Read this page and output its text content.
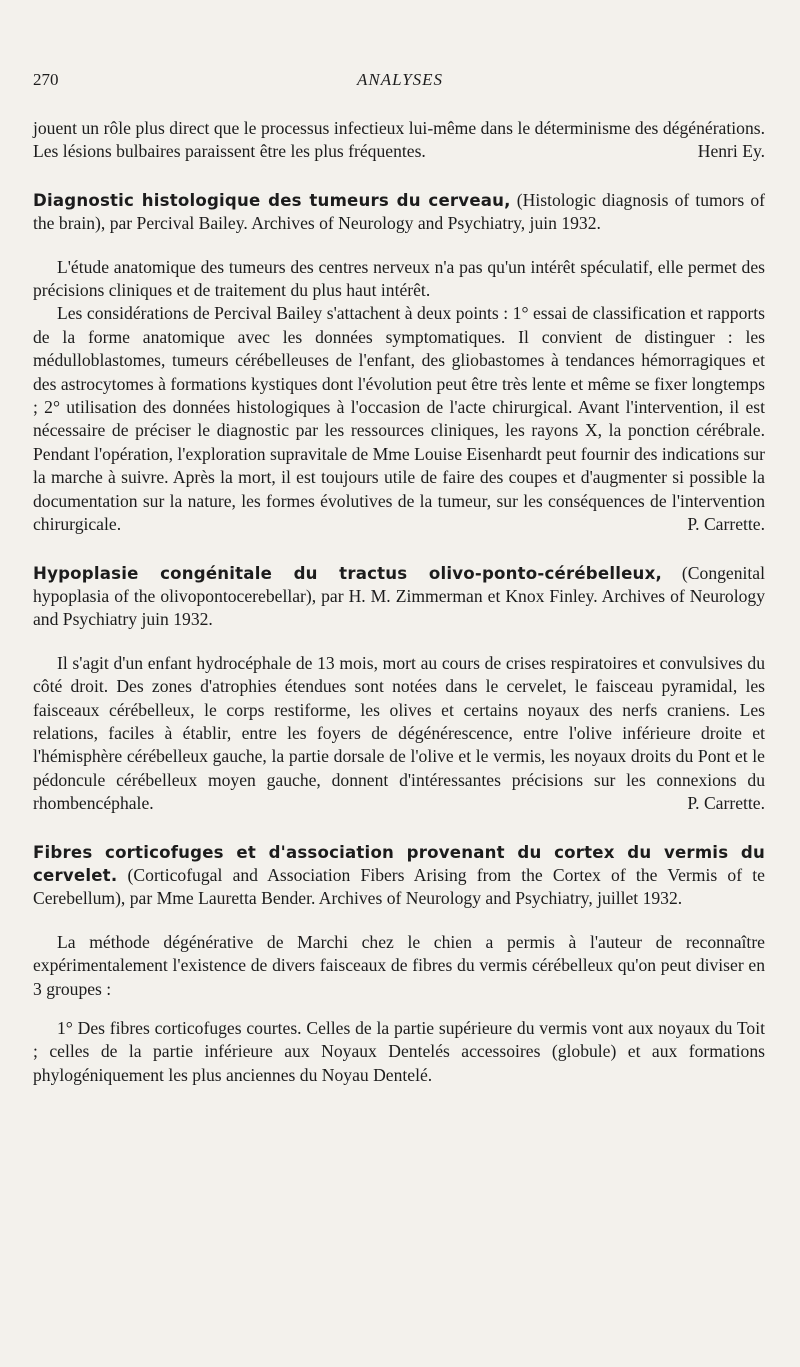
270	ANALYSES

jouent un rôle plus direct que le processus infectieux lui-même dans le déterminisme des dégénérations. Les lésions bulbaires paraissent être les plus fréquentes.	Henri Ey.

Diagnostic histologique des tumeurs du cerveau, (Histologic diagnosis of tumors of the brain), par Percival Bailey. Archives of Neurology and Psychiatry, juin 1932.

L'étude anatomique des tumeurs des centres nerveux n'a pas qu'un intérêt spéculatif, elle permet des précisions cliniques et de traitement du plus haut intérêt.

Les considérations de Percival Bailey s'attachent à deux points : 1° essai de classification et rapports de la forme anatomique avec les données symptomatiques. Il convient de distinguer : les médulloblastomes, tumeurs cérébelleuses de l'enfant, des gliobastomes à tendances hémorragiques et des astrocytomes à formations kystiques dont l'évolution peut être très lente et même se fixer longtemps ; 2° utilisation des données histologiques à l'occasion de l'acte chirurgical. Avant l'intervention, il est nécessaire de préciser le diagnostic par les ressources cliniques, les rayons X, la ponction cérébrale. Pendant l'opération, l'exploration supravitale de Mme Louise Eisenhardt peut fournir des indications sur la marche à suivre. Après la mort, il est toujours utile de faire des coupes et d'augmenter si possible la documentation sur la nature, les formes évolutives de la tumeur, sur les conséquences de l'intervention chirurgicale.	P. Carrette.

Hypoplasie congénitale du tractus olivo-ponto-cérébelleux, (Congenital hypoplasia of the olivopontocerebellar), par H. M. Zimmerman et Knox Finley. Archives of Neurology and Psychiatry juin 1932.

Il s'agit d'un enfant hydrocéphale de 13 mois, mort au cours de crises respiratoires et convulsives du côté droit. Des zones d'atrophies étendues sont notées dans le cervelet, le faisceau pyramidal, les faisceaux cérébelleux, le corps restiforme, les olives et certains noyaux des nerfs craniens. Les relations, faciles à établir, entre les foyers de dégénérescence, entre l'olive inférieure droite et l'hémisphère cérébelleux gauche, la partie dorsale de l'olive et le vermis, les noyaux droits du Pont et le pédoncule cérébelleux moyen gauche, donnent d'intéressantes précisions sur les connexions du rhombencéphale.	P. Carrette.

Fibres corticofuges et d'association provenant du cortex du vermis du cervelet. (Corticofugal and Association Fibers Arising from the Cortex of the Vermis of te Cerebellum), par Mme Lauretta Bender. Archives of Neurology and Psychiatry, juillet 1932.

La méthode dégénérative de Marchi chez le chien a permis à l'auteur de reconnaître expérimentalement l'existence de divers faisceaux de fibres du vermis cérébelleux qu'on peut diviser en 3 groupes :

1° Des fibres corticofuges courtes. Celles de la partie supérieure du vermis vont aux noyaux du Toit ; celles de la partie inférieure aux Noyaux Dentelés accessoires (globule) et aux formations phylogéniquement les plus anciennes du Noyau Dentelé.
